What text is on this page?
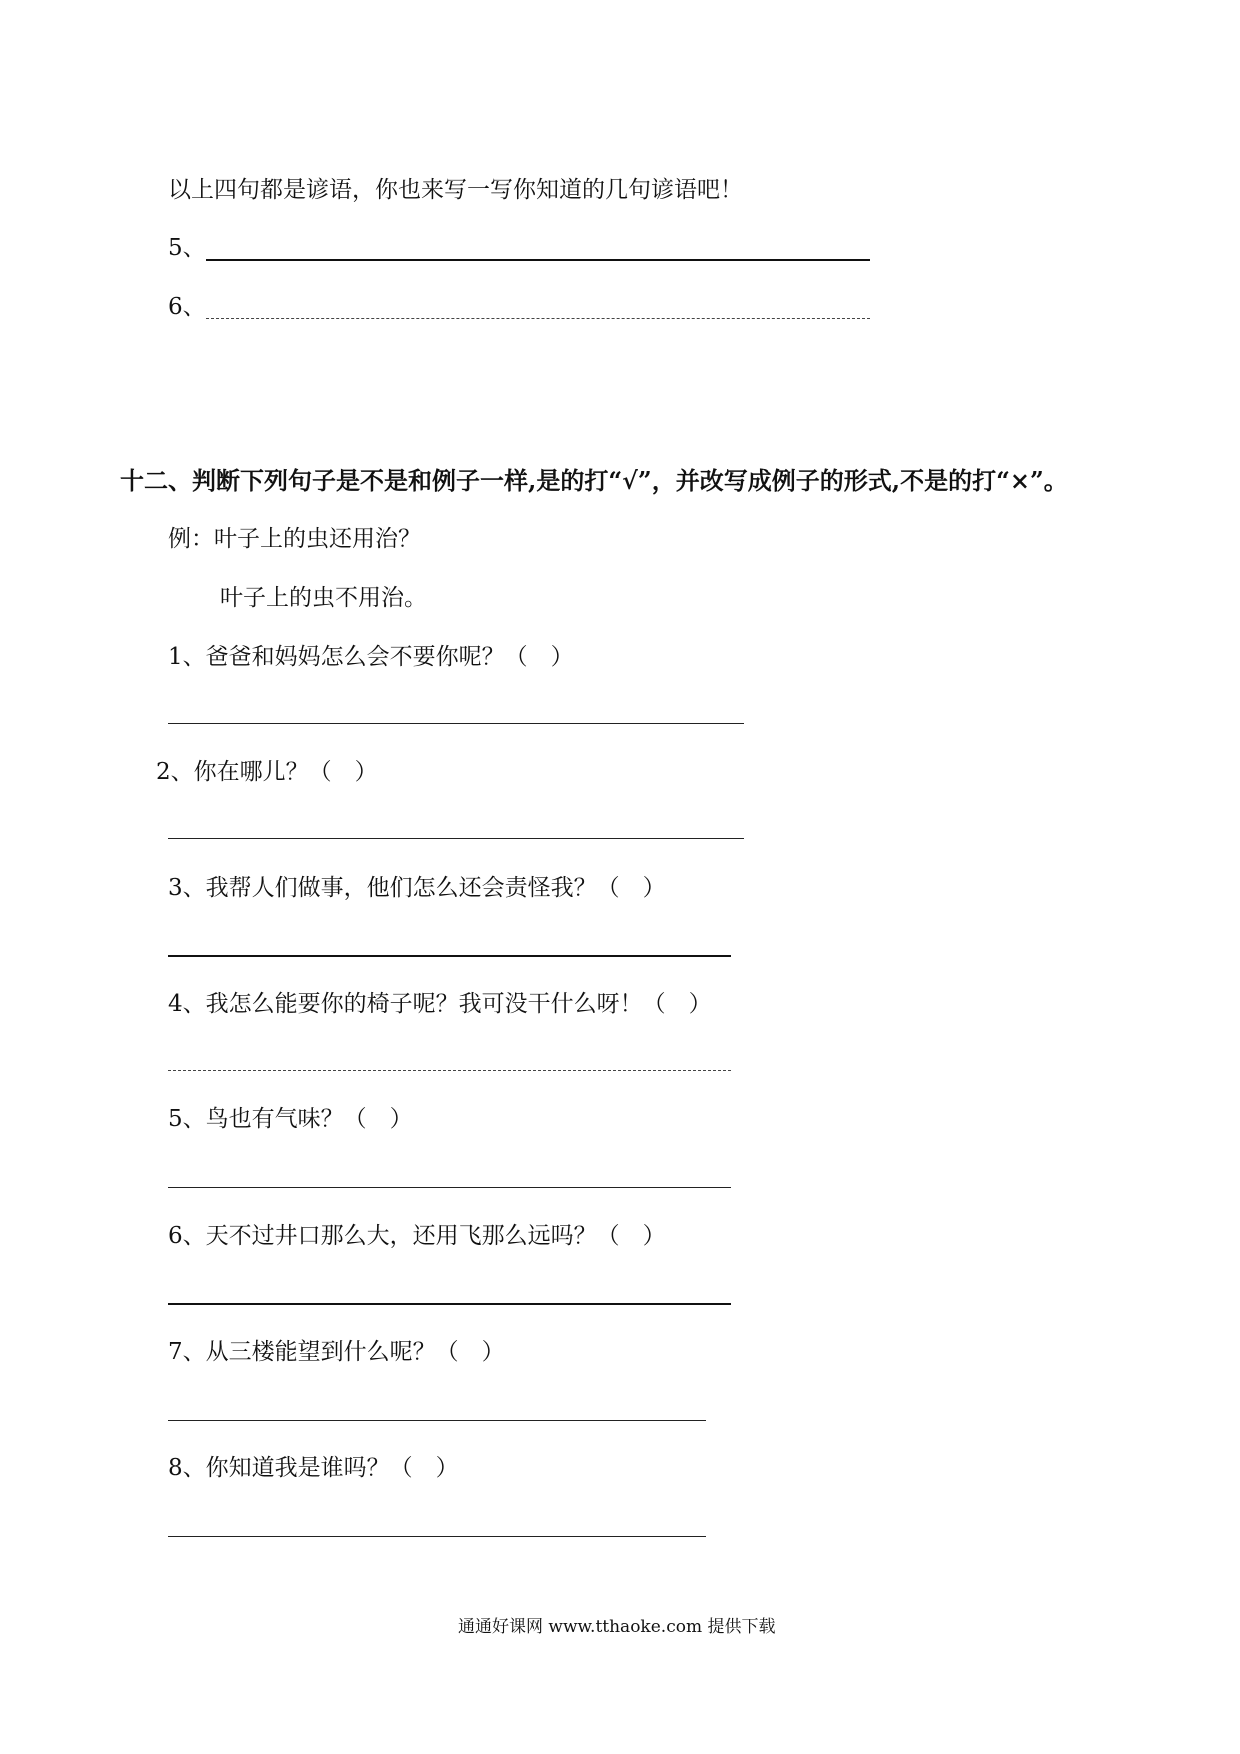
以上四句都是谚语，你也来写一写你知道的几句谚语吧！
5、
6、
十二、判断下列句子是不是和例子一样,是的打“√”，并改写成例子的形式,不是的打“×”。
例：叶子上的虫还用治？
叶子上的虫不用治。
1、爸爸和妈妈怎么会不要你呢？（　）
2、你在哪儿？（　）
3、我帮人们做事，他们怎么还会责怪我？（　）
4、我怎么能要你的椅子呢？我可没干什么呀！（　）
5、鸟也有气味？（　）
6、天不过井口那么大，还用飞那么远吗？（　）
7、从三楼能望到什么呢？（　）
8、你知道我是谁吗？（　）
通通好课网 www.tthaoke.com 提供下载
